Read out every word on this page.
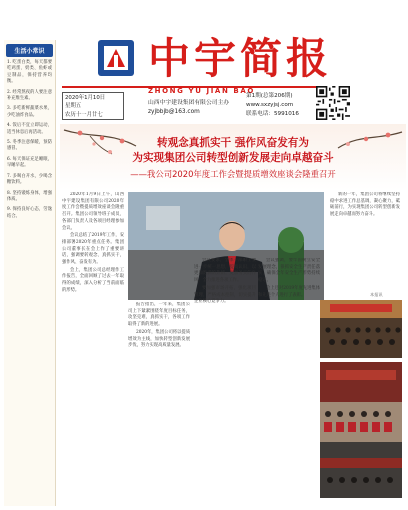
生活小常识

1. 吃蛋白类，每天都要吃鸡蛋、奶类、鱼虾或豆制品，保持营养均衡。

2. 经常熬夜的人要注意补充维生素。

3. 多吃新鲜蔬菜水果，少吃油炸食品。

4. 饭后不宜立即运动，适当休息后再活动。

5. 冬季注意保暖，预防感冒。

6. 每天保证充足睡眠，早睡早起。

7. 多喝白开水，少喝含糖饮料。

8. 坚持锻炼身体，增强体质。

9. 保持良好心态，劳逸结合。

中宇简报
ZHONG YU JIAN BAO
2020年1月10日
星期五
农历十一月廿七
山西中宇建设集团有限公司主办
zyjbbjb@163.com
第1期(总第206期)
www.sxzyjsj.com
联系电话：5991016
转观念真抓实干 强作风奋发有为
为实现集团公司转型创新发展走向卓越奋斗
——我公司2020年度工作会暨提质增效座谈会隆重召开
本报讯

2020年1月9日上午，山西中宇建设集团有限公司2020年度工作会暨提质增效座谈会隆重召开。集团公司领导班子成员、各部门负责人及各项目经理参加会议。

会议总结了2019年工作，安排部署2020年重点任务。集团公司董事长在会上作了重要讲话，强调要转观念、真抓实干，强作风、奋发有为。

会上，集团公司总经理作工作报告，全面回顾了过去一年取得的成绩，深入分析了当前面临的形势。

报告指出，一年来，集团公司上下紧紧围绕年度目标任务，攻坚克难，真抓实干，各项工作取得了新的进展。

2020年，集团公司将以提质增效为主线，加快转型创新发展步伐，努力实现高质量发展。

会议要求，全体干部职工要进一步统一思想，提高认识，以更加饱满的热情、更加务实的作风，全力推进各项工作。

要加强市场开拓，强化项目管理，严格成本控制，切实提升企业核心竞争力。

会议强调，要牢固树立安全发展理念，狠抓安全生产责任落实，确保全年安全生产形势持续稳定。

会上还对2019年度先进集体和先进个人进行了表彰。

新的一年，集团公司将继续坚持稳中求进工作总基调，凝心聚力，砥砺前行，为实现集团公司转型创新发展走向卓越而努力奋斗。
